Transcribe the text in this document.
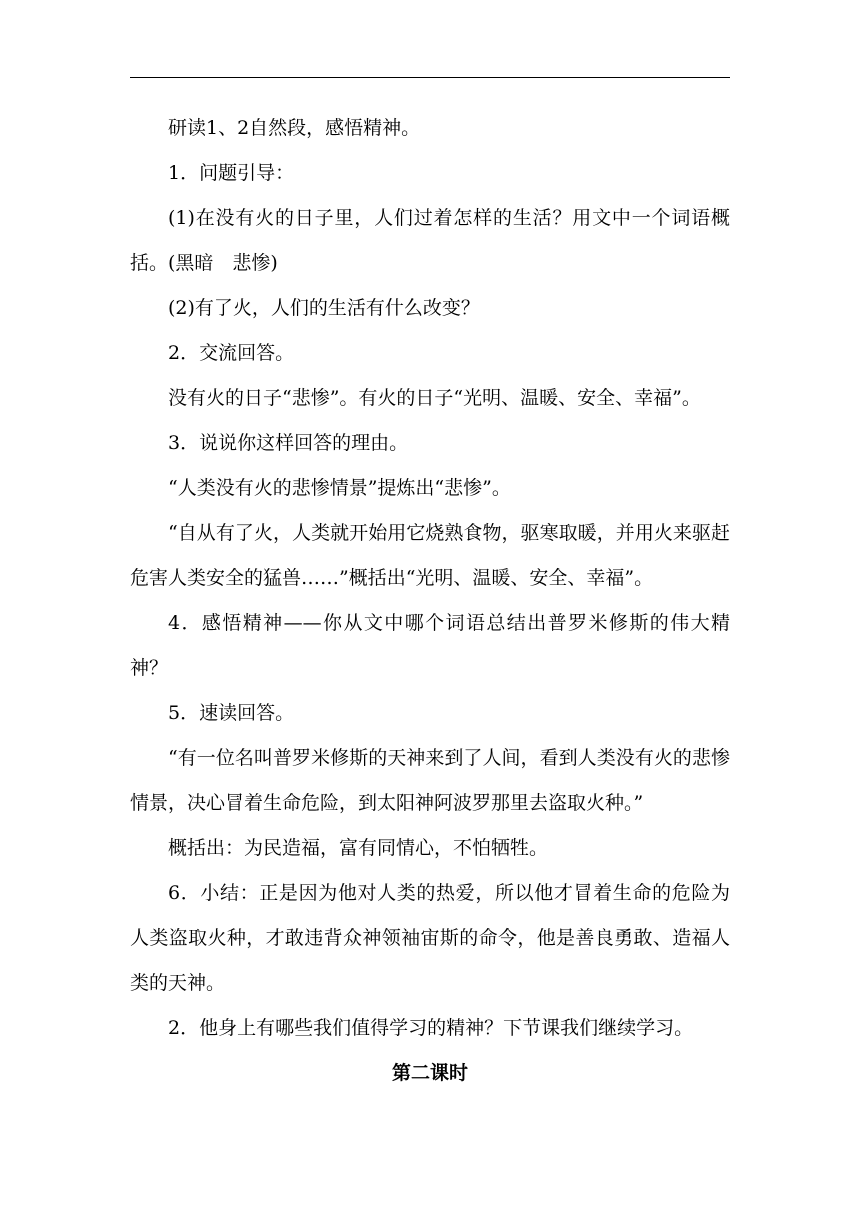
研读1、2自然段，感悟精神。

1．问题引导：

(1)在没有火的日子里，人们过着怎样的生活？用文中一个词语概括。(黑暗　悲惨)

(2)有了火，人们的生活有什么改变？

2．交流回答。

没有火的日子“悲惨”。有火的日子“光明、温暖、安全、幸福”。

3．说说你这样回答的理由。

“人类没有火的悲惨情景”提炼出“悲惨”。

“自从有了火，人类就开始用它烧熟食物，驱寒取暖，并用火来驱赶危害人类安全的猛兽……”概括出“光明、温暖、安全、幸福”。

4．感悟精神——你从文中哪个词语总结出普罗米修斯的伟大精神？

5．速读回答。

“有一位名叫普罗米修斯的天神来到了人间，看到人类没有火的悲惨情景，决心冒着生命危险，到太阳神阿波罗那里去盗取火种。”

概括出：为民造福，富有同情心，不怕牺牲。

6．小结：正是因为他对人类的热爱，所以他才冒着生命的危险为人类盗取火种，才敢违背众神领袖宙斯的命令，他是善良勇敢、造福人类的天神。

2．他身上有哪些我们值得学习的精神？下节课我们继续学习。

第二课时
